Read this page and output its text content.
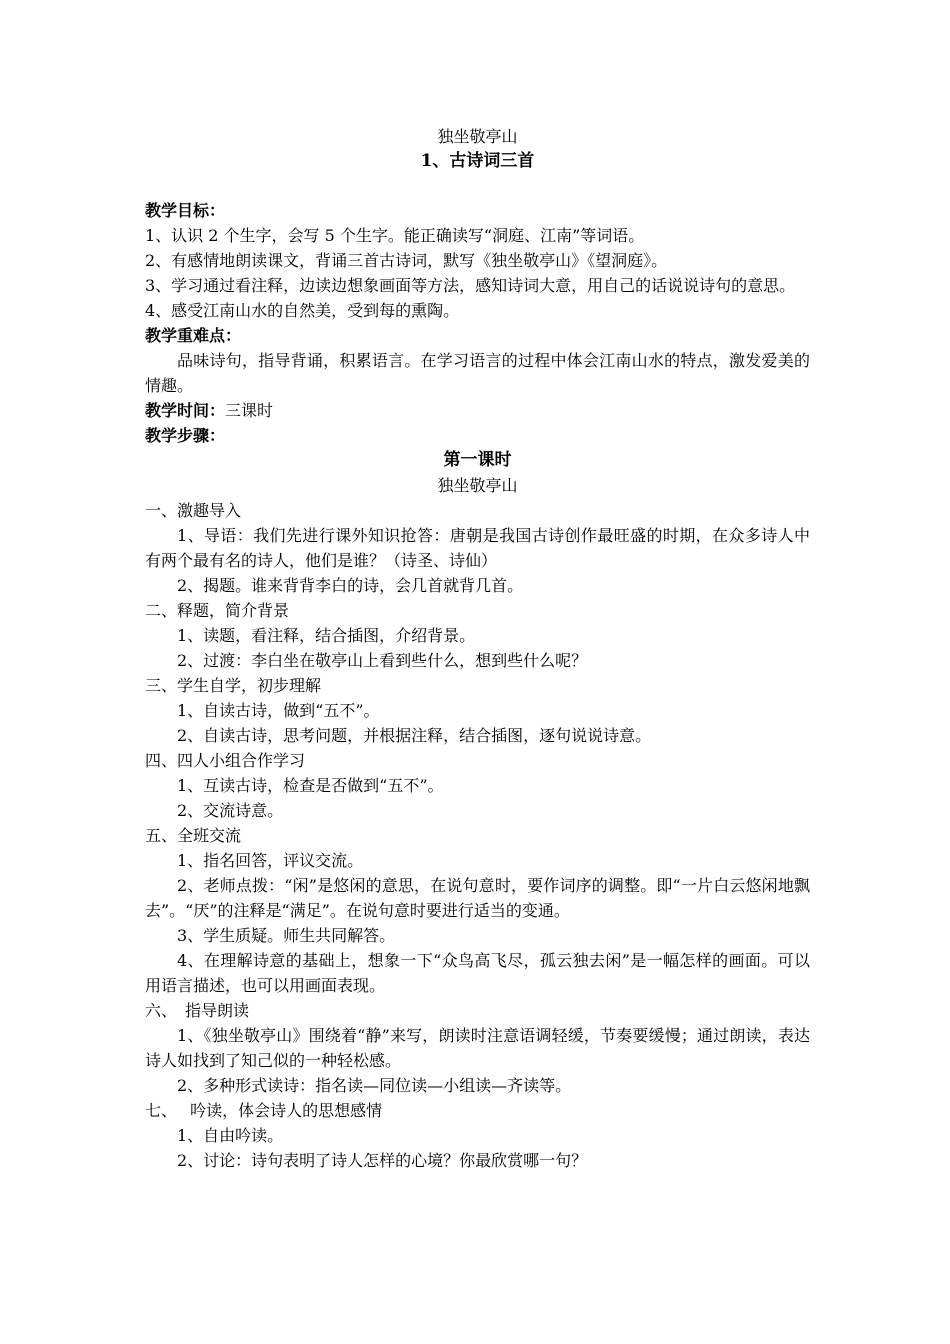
独坐敬亭山

1、古诗词三首

教学目标：

1、认识 2 个生字，会写 5 个生字。能正确读写“洞庭、江南”等词语。

2、有感情地朗读课文，背诵三首古诗词，默写《独坐敬亭山》《望洞庭》。

3、学习通过看注释，边读边想象画面等方法，感知诗词大意，用自己的话说说诗句的意思。

4、感受江南山水的自然美，受到每的熏陶。

教学重难点：

品味诗句，指导背诵，积累语言。在学习语言的过程中体会江南山水的特点，激发爱美的情趣。

教学时间：三课时

教学步骤：

第一课时

独坐敬亭山

一、激趣导入

1、导语：我们先进行课外知识抢答：唐朝是我国古诗创作最旺盛的时期，在众多诗人中有两个最有名的诗人，他们是谁？（诗圣、诗仙）

2、揭题。谁来背背李白的诗，会几首就背几首。

二、释题，简介背景

1、读题，看注释，结合插图，介绍背景。

2、过渡：李白坐在敬亭山上看到些什么，想到些什么呢？

三、学生自学，初步理解

1、自读古诗，做到“五不”。

2、自读古诗，思考问题，并根据注释，结合插图，逐句说说诗意。

四、四人小组合作学习

1、互读古诗，检查是否做到“五不”。

2、交流诗意。

五、全班交流

1、指名回答，评议交流。

2、老师点拨：“闲”是悠闲的意思，在说句意时，要作词序的调整。即“一片白云悠闲地飘去”。“厌”的注释是“满足”。在说句意时要进行适当的变通。

3、学生质疑。师生共同解答。

4、在理解诗意的基础上，想象一下“众鸟高飞尽，孤云独去闲”是一幅怎样的画面。可以用语言描述，也可以用画面表现。

六、　指导朗读

1、《独坐敬亭山》围绕着“静”来写，朗读时注意语调轻缓，节奏要缓慢；通过朗读，表达诗人如找到了知己似的一种轻松感。

2、多种形式读诗：指名读—同位读—小组读—齐读等。

七、　 吟读，体会诗人的思想感情

1、自由吟读。

2、讨论：诗句表明了诗人怎样的心境？你最欣赏哪一句？
